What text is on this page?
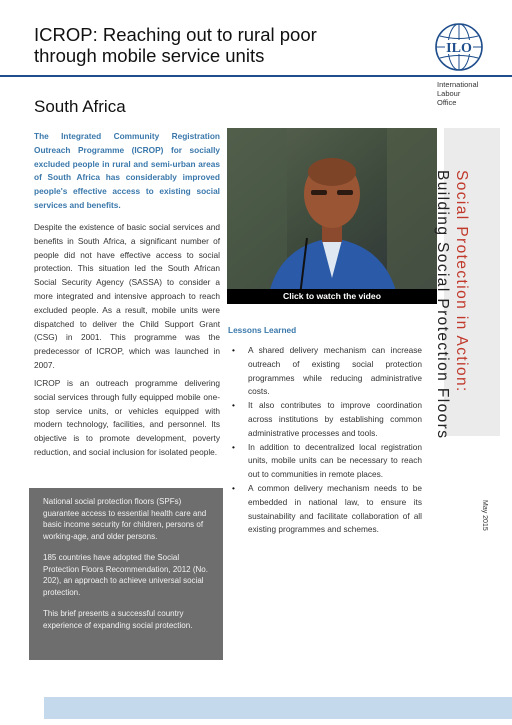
ICROP: Reaching out to rural poor through mobile service units	ILO
International
Labour
Office
South Africa

The Integrated Community Registration Outreach Programme (ICROP) for socially excluded people in rural and semi-urban areas of South Africa has considerably improved people's effective access to existing social services and benefits.

Despite the existence of basic social services and benefits in South Africa, a significant number of people did not have effective access to social protection. This situation led the South African Social Security Agency (SASSA) to consider a more integrated and intensive approach to reach excluded people. As a result, mobile units were dispatched to deliver the Child Support Grant (CSG) in 2001. This programme was the predecessor of ICROP, which was launched in 2007.

ICROP is an outreach programme delivering social services through fully equipped mobile one-stop service units, or vehicles equipped with modern technology, facilities, and personnel. Its objective is to promote development, poverty reduction, and social inclusion for isolated people.

National social protection floors (SPFs) guarantee access to essential health care and basic income security for children, persons of working-age, and older persons.

185 countries have adopted the Social Protection Floors Recommendation, 2012 (No. 202), an approach to achieve universal social protection.

This brief presents a successful country experience of expanding social protection.

Click to watch the video
Lessons Learned
• A shared delivery mechanism can increase outreach of existing social protection programmes while reducing administrative costs.
• It also contributes to improve coordination across institutions by establishing common administrative processes and tools.
• In addition to decentralized local registration units, mobile units can be necessary to reach out to communities in remote places.
• A common delivery mechanism needs to be embedded in national law, to ensure its sustainability and facilitate collaboration of all existing programmes and schemes.
Social Protection in Action:
Building Social Protection Floors
May 2015
